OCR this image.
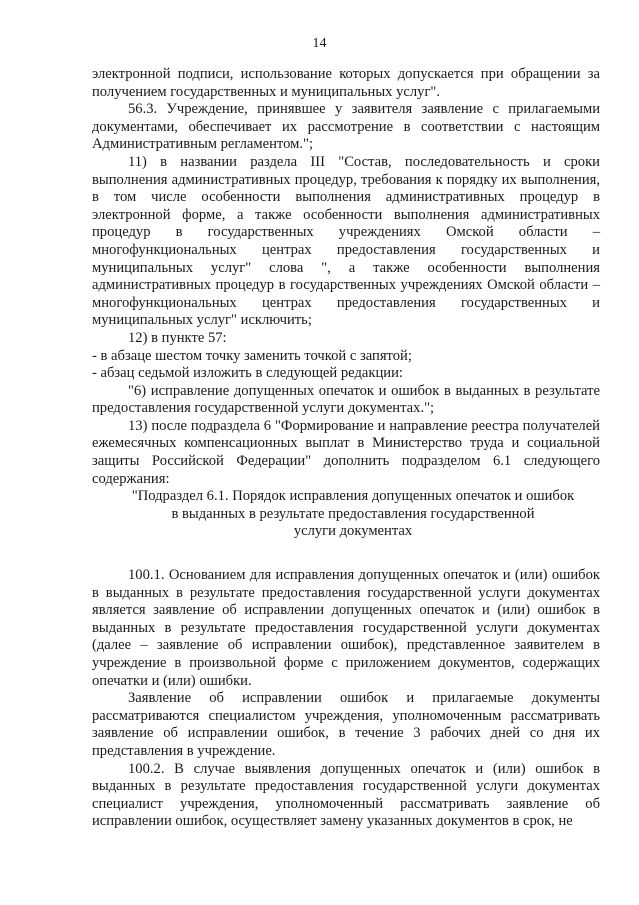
14

электронной подписи, использование которых допускается при обращении за получением государственных и муниципальных услуг".

56.3. Учреждение, принявшее у заявителя заявление с прилагаемыми документами, обеспечивает их рассмотрение в соответствии с настоящим Административным регламентом.";

11) в названии раздела III "Состав, последовательность и сроки выполнения административных процедур, требования к порядку их выполнения, в том числе особенности выполнения административных процедур в электронной форме, а также особенности выполнения административных процедур в государственных учреждениях Омской области – многофункциональных центрах предоставления государственных и муниципальных услуг" слова ", а также особенности выполнения административных процедур в государственных учреждениях Омской области – многофункциональных центрах предоставления государственных и муниципальных услуг" исключить;

12) в пункте 57:

- в абзаце шестом точку заменить точкой с запятой;

- абзац седьмой изложить в следующей редакции:

"6) исправление допущенных опечаток и ошибок в выданных в результате предоставления государственной услуги документах.";

13) после подраздела 6 "Формирование и направление реестра получателей ежемесячных компенсационных выплат в Министерство труда и социальной защиты Российской Федерации" дополнить подразделом 6.1 следующего содержания:

"Подраздел 6.1. Порядок исправления допущенных опечаток и ошибок

в выданных в результате предоставления государственной

услуги документах

100.1. Основанием для исправления допущенных опечаток и (или) ошибок в выданных в результате предоставления государственной услуги документах является заявление об исправлении допущенных опечаток и (или) ошибок в выданных в результате предоставления государственной услуги документах (далее – заявление об исправлении ошибок), представленное заявителем в учреждение в произвольной форме с приложением документов, содержащих опечатки и (или) ошибки.

Заявление об исправлении ошибок и прилагаемые документы рассматриваются специалистом учреждения, уполномоченным рассматривать заявление об исправлении ошибок, в течение 3 рабочих дней со дня их представления в учреждение.

100.2. В случае выявления допущенных опечаток и (или) ошибок в выданных в результате предоставления государственной услуги документах специалист учреждения, уполномоченный рассматривать заявление об исправлении ошибок, осуществляет замену указанных документов в срок, не
